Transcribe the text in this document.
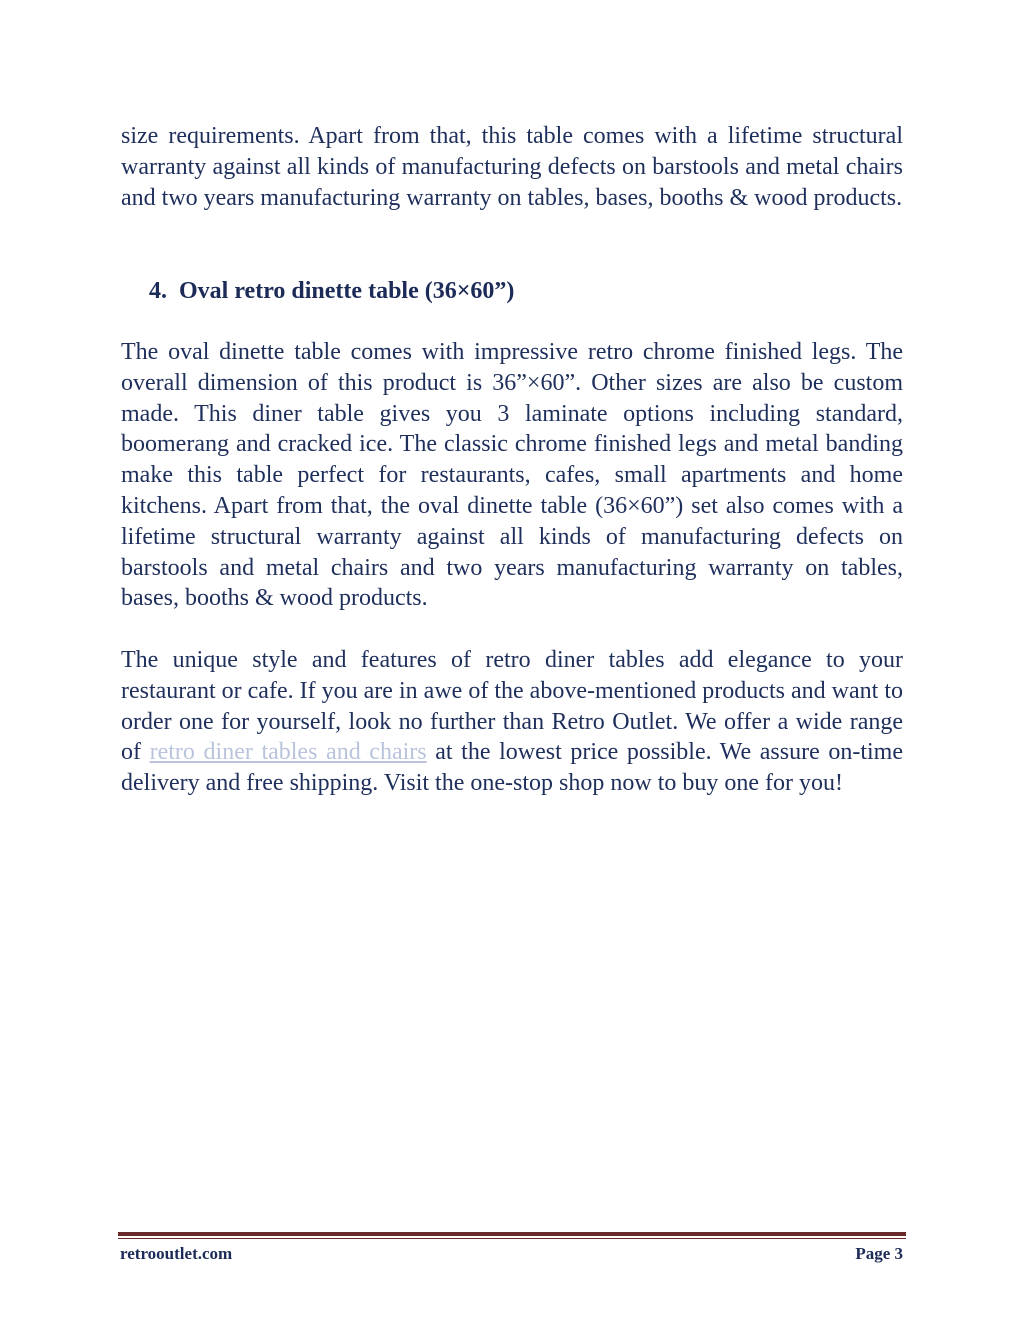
size requirements. Apart from that, this table comes with a lifetime structural warranty against all kinds of manufacturing defects on barstools and metal chairs and two years manufacturing warranty on tables, bases, booths & wood products.

4. Oval retro dinette table (36×60”)

The oval dinette table comes with impressive retro chrome finished legs. The overall dimension of this product is 36”×60”. Other sizes are also be custom made. This diner table gives you 3 laminate options including standard, boomerang and cracked ice. The classic chrome finished legs and metal banding make this table perfect for restaurants, cafes, small apartments and home kitchens. Apart from that, the oval dinette table (36×60”) set also comes with a lifetime structural warranty against all kinds of manufacturing defects on barstools and metal chairs and two years manufacturing warranty on tables, bases, booths & wood products.

The unique style and features of retro diner tables add elegance to your restaurant or cafe. If you are in awe of the above-mentioned products and want to order one for yourself, look no further than Retro Outlet. We offer a wide range of retro diner tables and chairs at the lowest price possible. We assure on-time delivery and free shipping. Visit the one-stop shop now to buy one for you!

retrooutlet.com	Page 3
